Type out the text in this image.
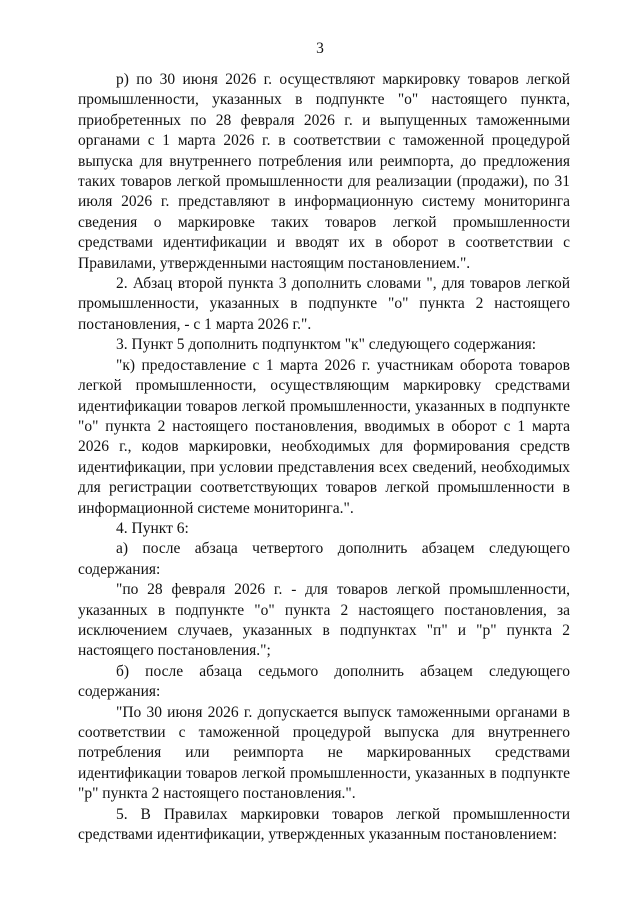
3

р) по 30 июня 2026 г. осуществляют маркировку товаров легкой промышленности, указанных в подпункте "о" настоящего пункта, приобретенных по 28 февраля 2026 г. и выпущенных таможенными органами с 1 марта 2026 г. в соответствии с таможенной процедурой выпуска для внутреннего потребления или реимпорта, до предложения таких товаров легкой промышленности для реализации (продажи), по 31 июля 2026 г. представляют в информационную систему мониторинга сведения о маркировке таких товаров легкой промышленности средствами идентификации и вводят их в оборот в соответствии с Правилами, утвержденными настоящим постановлением.".

2. Абзац второй пункта 3 дополнить словами ", для товаров легкой промышленности, указанных в подпункте "о" пункта 2 настоящего постановления, - с 1 марта 2026 г.".

3. Пункт 5 дополнить подпунктом "к" следующего содержания:

"к) предоставление с 1 марта 2026 г. участникам оборота товаров легкой промышленности, осуществляющим маркировку средствами идентификации товаров легкой промышленности, указанных в подпункте "о" пункта 2 настоящего постановления, вводимых в оборот с 1 марта 2026 г., кодов маркировки, необходимых для формирования средств идентификации, при условии представления всех сведений, необходимых для регистрации соответствующих товаров легкой промышленности в информационной системе мониторинга.".

4. Пункт 6:

а) после абзаца четвертого дополнить абзацем следующего содержания:

"по 28 февраля 2026 г. - для товаров легкой промышленности, указанных в подпункте "о" пункта 2 настоящего постановления, за исключением случаев, указанных в подпунктах "п" и "р" пункта 2 настоящего постановления.";

б) после абзаца седьмого дополнить абзацем следующего содержания:

"По 30 июня 2026 г. допускается выпуск таможенными органами в соответствии с таможенной процедурой выпуска для внутреннего потребления или реимпорта не маркированных средствами идентификации товаров легкой промышленности, указанных в подпункте "р" пункта 2 настоящего постановления.".

5. В Правилах маркировки товаров легкой промышленности средствами идентификации, утвержденных указанным постановлением:
